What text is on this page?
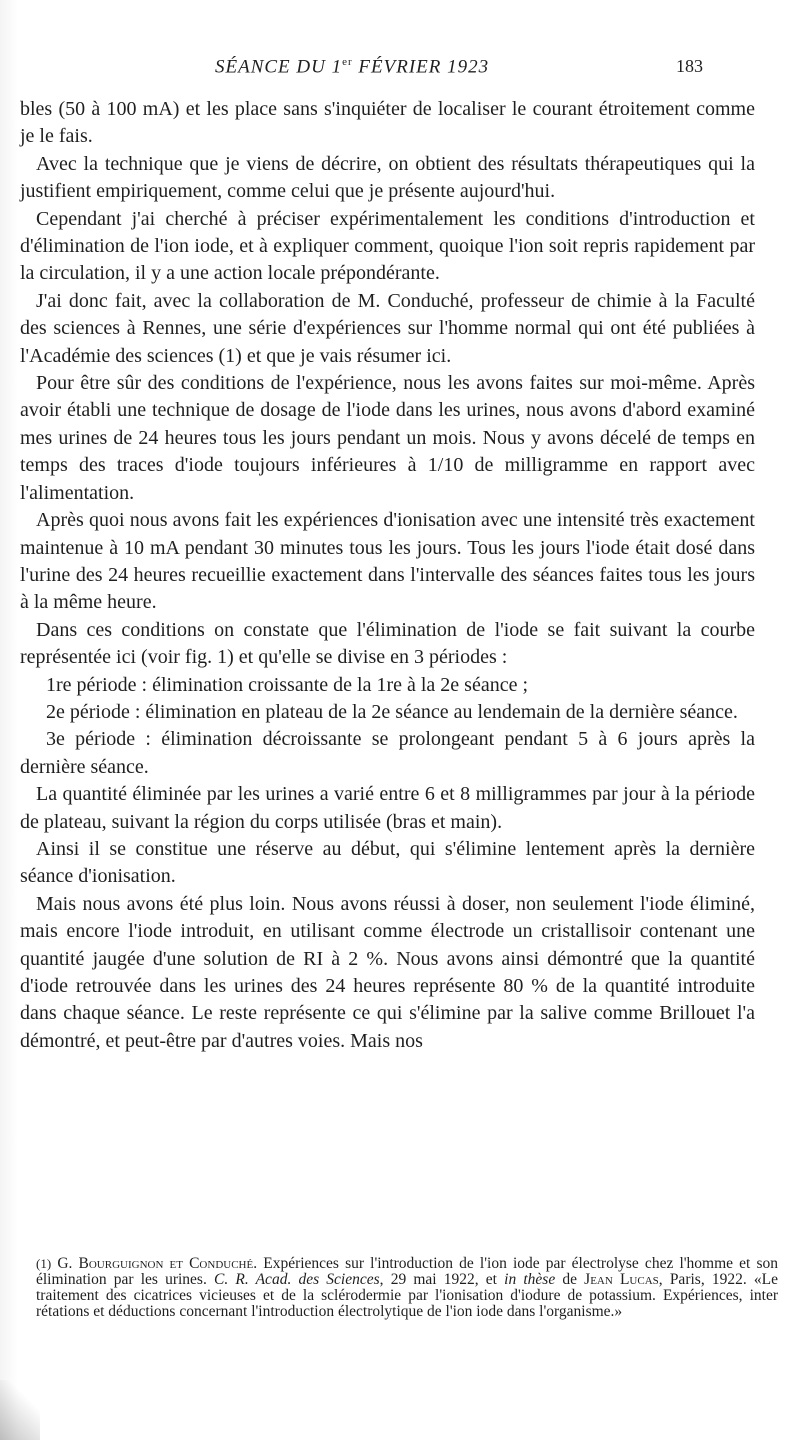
SÉANCE DU 1er FÉVRIER 1923	183

bles (50 à 100 mA) et les place sans s'inquiéter de localiser le courant étroitement comme je le fais.

Avec la technique que je viens de décrire, on obtient des résultats thérapeutiques qui la justifient empiriquement, comme celui que je présente aujourd'hui.

Cependant j'ai cherché à préciser expérimentalement les conditions d'introduction et d'élimination de l'ion iode, et à expliquer comment, quoique l'ion soit repris rapidement par la circulation, il y a une action locale prépondérante.

J'ai donc fait, avec la collaboration de M. Conduché, professeur de chimie à la Faculté des sciences à Rennes, une série d'expériences sur l'homme normal qui ont été publiées à l'Académie des sciences (1) et que je vais résumer ici.

Pour être sûr des conditions de l'expérience, nous les avons faites sur moi-même. Après avoir établi une technique de dosage de l'iode dans les urines, nous avons d'abord examiné mes urines de 24 heures tous les jours pendant un mois. Nous y avons décelé de temps en temps des traces d'iode toujours inférieures à 1/10 de milligramme en rapport avec l'alimentation.

Après quoi nous avons fait les expériences d'ionisation avec une intensité très exactement maintenue à 10 mA pendant 30 minutes tous les jours. Tous les jours l'iode était dosé dans l'urine des 24 heures recueillie exactement dans l'intervalle des séances faites tous les jours à la même heure.

Dans ces conditions on constate que l'élimination de l'iode se fait suivant la courbe représentée ici (voir fig. 1) et qu'elle se divise en 3 périodes :

1re période : élimination croissante de la 1re à la 2e séance ;

2e période : élimination en plateau de la 2e séance au lendemain de la dernière séance.

3e période : élimination décroissante se prolongeant pendant 5 à 6 jours après la dernière séance.

La quantité éliminée par les urines a varié entre 6 et 8 milligrammes par jour à la période de plateau, suivant la région du corps utilisée (bras et main).

Ainsi il se constitue une réserve au début, qui s'élimine lentement après la dernière séance d'ionisation.

Mais nous avons été plus loin. Nous avons réussi à doser, non seulement l'iode éliminé, mais encore l'iode introduit, en utilisant comme électrode un cristallisoir contenant une quantité jaugée d'une solution de RI à 2 %. Nous avons ainsi démontré que la quantité d'iode retrouvée dans les urines des 24 heures représente 80 % de la quantité introduite dans chaque séance. Le reste représente ce qui s'élimine par la salive comme Brillouet l'a démontré, et peut-être par d'autres voies. Mais nos

(1) G. Bourguignon et Conduché. Expériences sur l'introduction de l'ion iode par électrolyse chez l'homme et son élimination par les urines. C. R. Acad. des Sciences, 29 mai 1922, et in thèse de Jean Lucas, Paris, 1922. «Le traitement des cicatrices vicieuses et de la sclérodermie par l'ionisation d'iodure de potassium. Expériences, inter rétations et déductions concernant l'introduction électrolytique de l'ion iode dans l'organisme.»
